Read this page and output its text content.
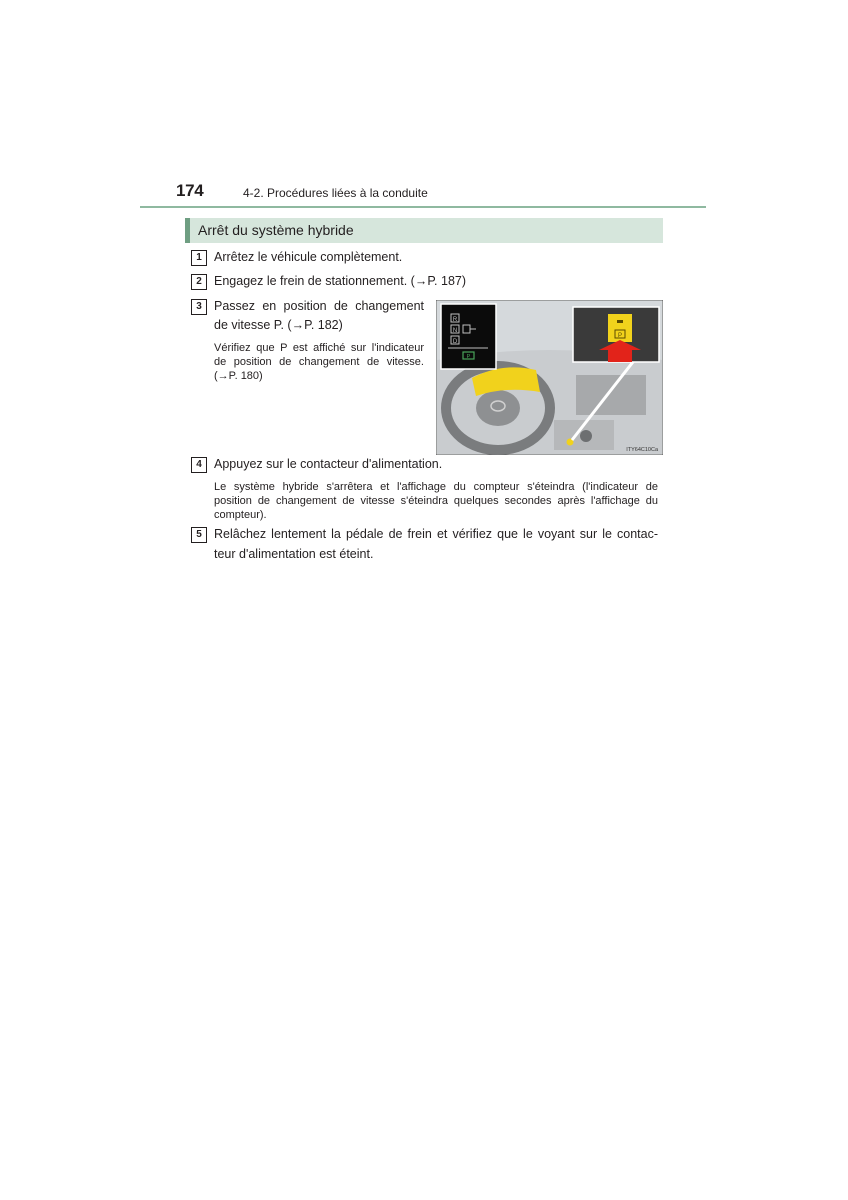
174	4-2. Procédures liées à la conduite
Arrêt du système hybride
1 Arrêtez le véhicule complètement.
2 Engagez le frein de stationnement. (→P. 187)
3 Passez en position de changement
de vitesse P. (→P. 182)
Vérifiez que P est affiché sur l'indicateur
de position de changement de vitesse.
(→P. 180)
R
N
D
P
P
ITY64C10Ca
4 Appuyez sur le contacteur d'alimentation.
Le système hybride s'arrêtera et l'affichage du compteur s'éteindra (l'indicateur de
position de changement de vitesse s'éteindra quelques secondes après l'affichage du
compteur).
5 Relâchez lentement la pédale de frein et vérifiez que le voyant sur le contac-
teur d'alimentation est éteint.
